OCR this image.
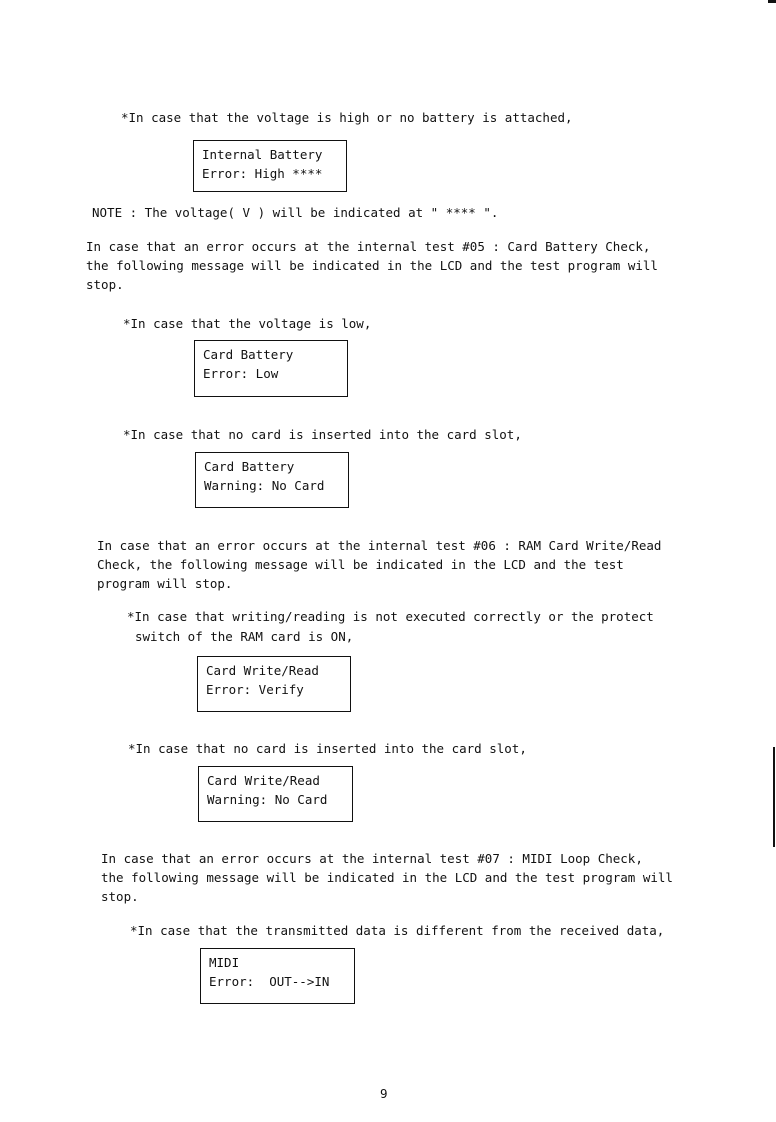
*In case that the voltage is high or no battery is attached,
Internal Battery
Error: High ****
NOTE : The voltage( V ) will be indicated at " **** ".
In case that an error occurs at the internal test #05 : Card Battery Check,
the following message will be indicated in the LCD and the test program will
stop.
*In case that the voltage is low,
Card Battery
Error: Low
*In case that no card is inserted into the card slot,
Card Battery
Warning: No Card
In case that an error occurs at the internal test #06 : RAM Card Write/Read
Check, the following message will be indicated in the LCD and the test
program will stop.
*In case that writing/reading is not executed correctly or the protect
switch of the RAM card is ON,
Card Write/Read
Error: Verify
*In case that no card is inserted into the card slot,
Card Write/Read
Warning: No Card
In case that an error occurs at the internal test #07 : MIDI Loop Check,
the following message will be indicated in the LCD and the test program will
stop.
*In case that the transmitted data is different from the received data,
MIDI
Error:  OUT-->IN
9
